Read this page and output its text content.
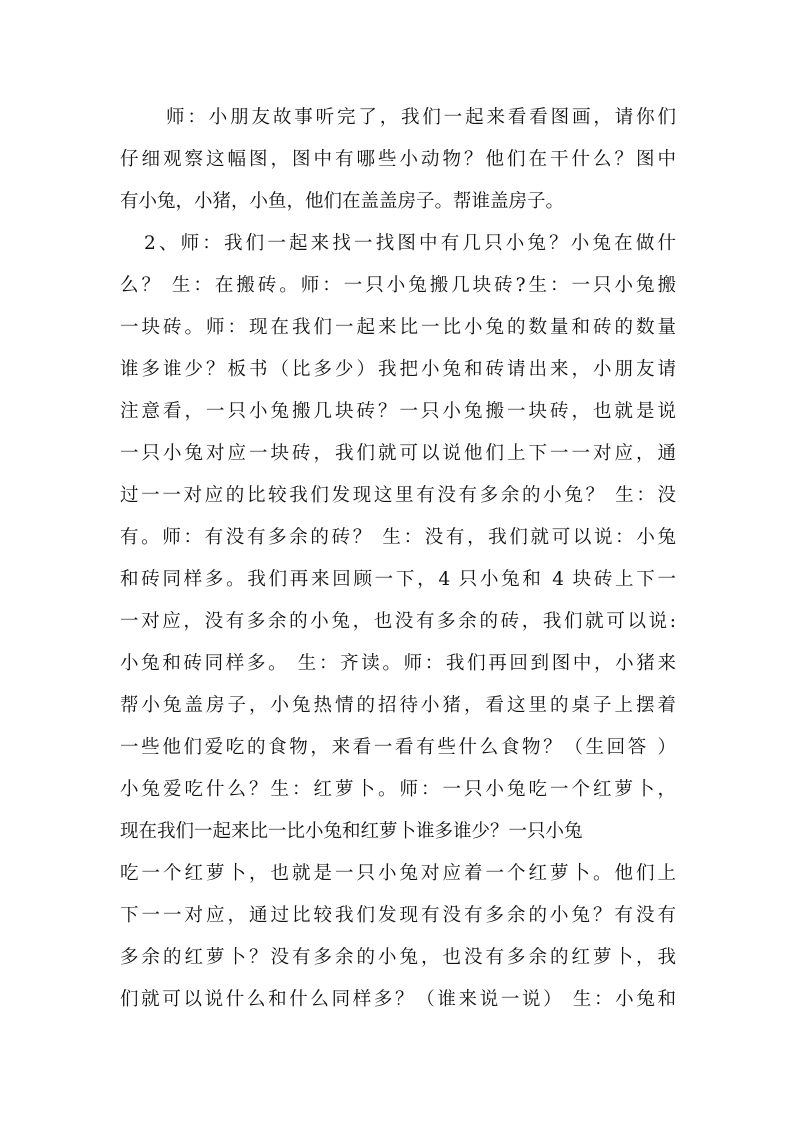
师：小朋友故事听完了，我们一起来看看图画，请你们
仔细观察这幅图，图中有哪些小动物？他们在干什么？图中
有小兔，小猪，小鱼，他们在盖盖房子。帮谁盖房子。
2、师：我们一起来找一找图中有几只小兔？小兔在做什
么？ 生：在搬砖。师：一只小兔搬几块砖?生：一只小兔搬
一块砖。师：现在我们一起来比一比小兔的数量和砖的数量
谁多谁少？板书（比多少）我把小兔和砖请出来，小朋友请
注意看，一只小兔搬几块砖？一只小兔搬一块砖，也就是说
一只小兔对应一块砖，我们就可以说他们上下一一对应，通
过一一对应的比较我们发现这里有没有多余的小兔？ 生：没
有。师：有没有多余的砖？ 生：没有，我们就可以说：小兔
和砖同样多。我们再来回顾一下，4 只小兔和 4 块砖上下一
一对应，没有多余的小兔，也没有多余的砖，我们就可以说:
小兔和砖同样多。 生：齐读。师：我们再回到图中，小猪来
帮小兔盖房子，小兔热情的招待小猪，看这里的桌子上摆着
一些他们爱吃的食物，来看一看有些什么食物？（生回答 ）
小兔爱吃什么？生：红萝卜。师：一只小兔吃一个红萝卜，
现在我们一起来比一比小兔和红萝卜谁多谁少？一只小兔
吃一个红萝卜，也就是一只小兔对应着一个红萝卜。他们上
下一一对应，通过比较我们发现有没有多余的小兔？有没有
多余的红萝卜？没有多余的小兔，也没有多余的红萝卜，我
们就可以说什么和什么同样多？（谁来说一说） 生：小兔和
